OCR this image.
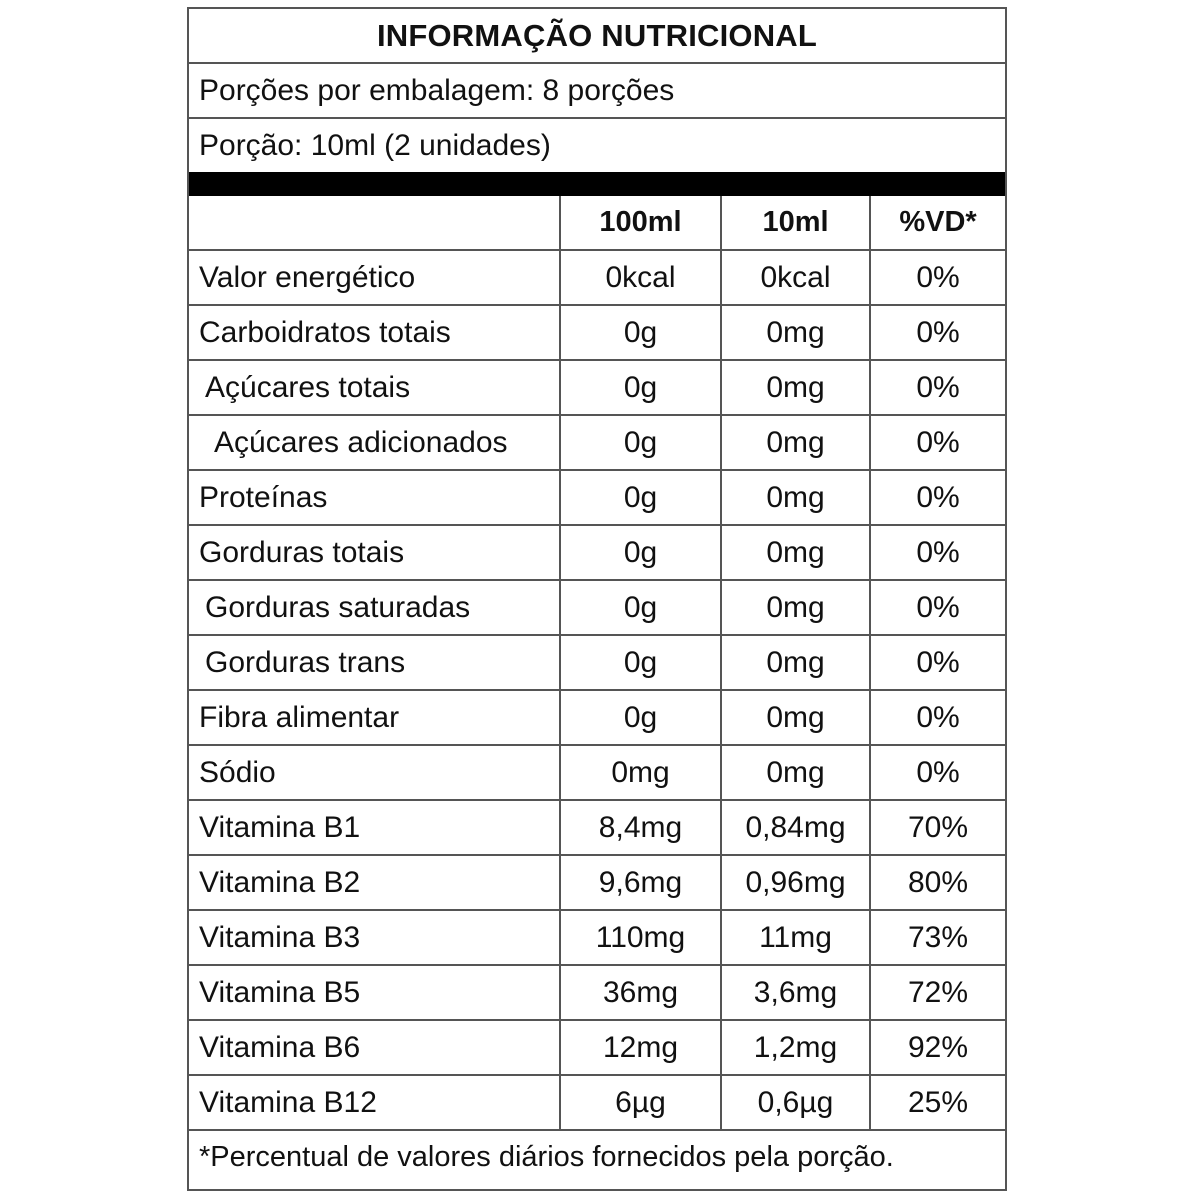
INFORMAÇÃO NUTRICIONAL
Porções por embalagem: 8 porções
Porção: 10ml (2 unidades)
	100ml	10ml	%VD*
Valor energético	0kcal	0kcal	0%
Carboidratos totais	0g	0mg	0%
Açúcares totais	0g	0mg	0%
Açúcares adicionados	0g	0mg	0%
Proteínas	0g	0mg	0%
Gorduras totais	0g	0mg	0%
Gorduras saturadas	0g	0mg	0%
Gorduras trans	0g	0mg	0%
Fibra alimentar	0g	0mg	0%
Sódio	0mg	0mg	0%
Vitamina B1	8,4mg	0,84mg	70%
Vitamina B2	9,6mg	0,96mg	80%
Vitamina B3	110mg	11mg	73%
Vitamina B5	36mg	3,6mg	72%
Vitamina B6	12mg	1,2mg	92%
Vitamina B12	6µg	0,6µg	25%
*Percentual de valores diários fornecidos pela porção.
